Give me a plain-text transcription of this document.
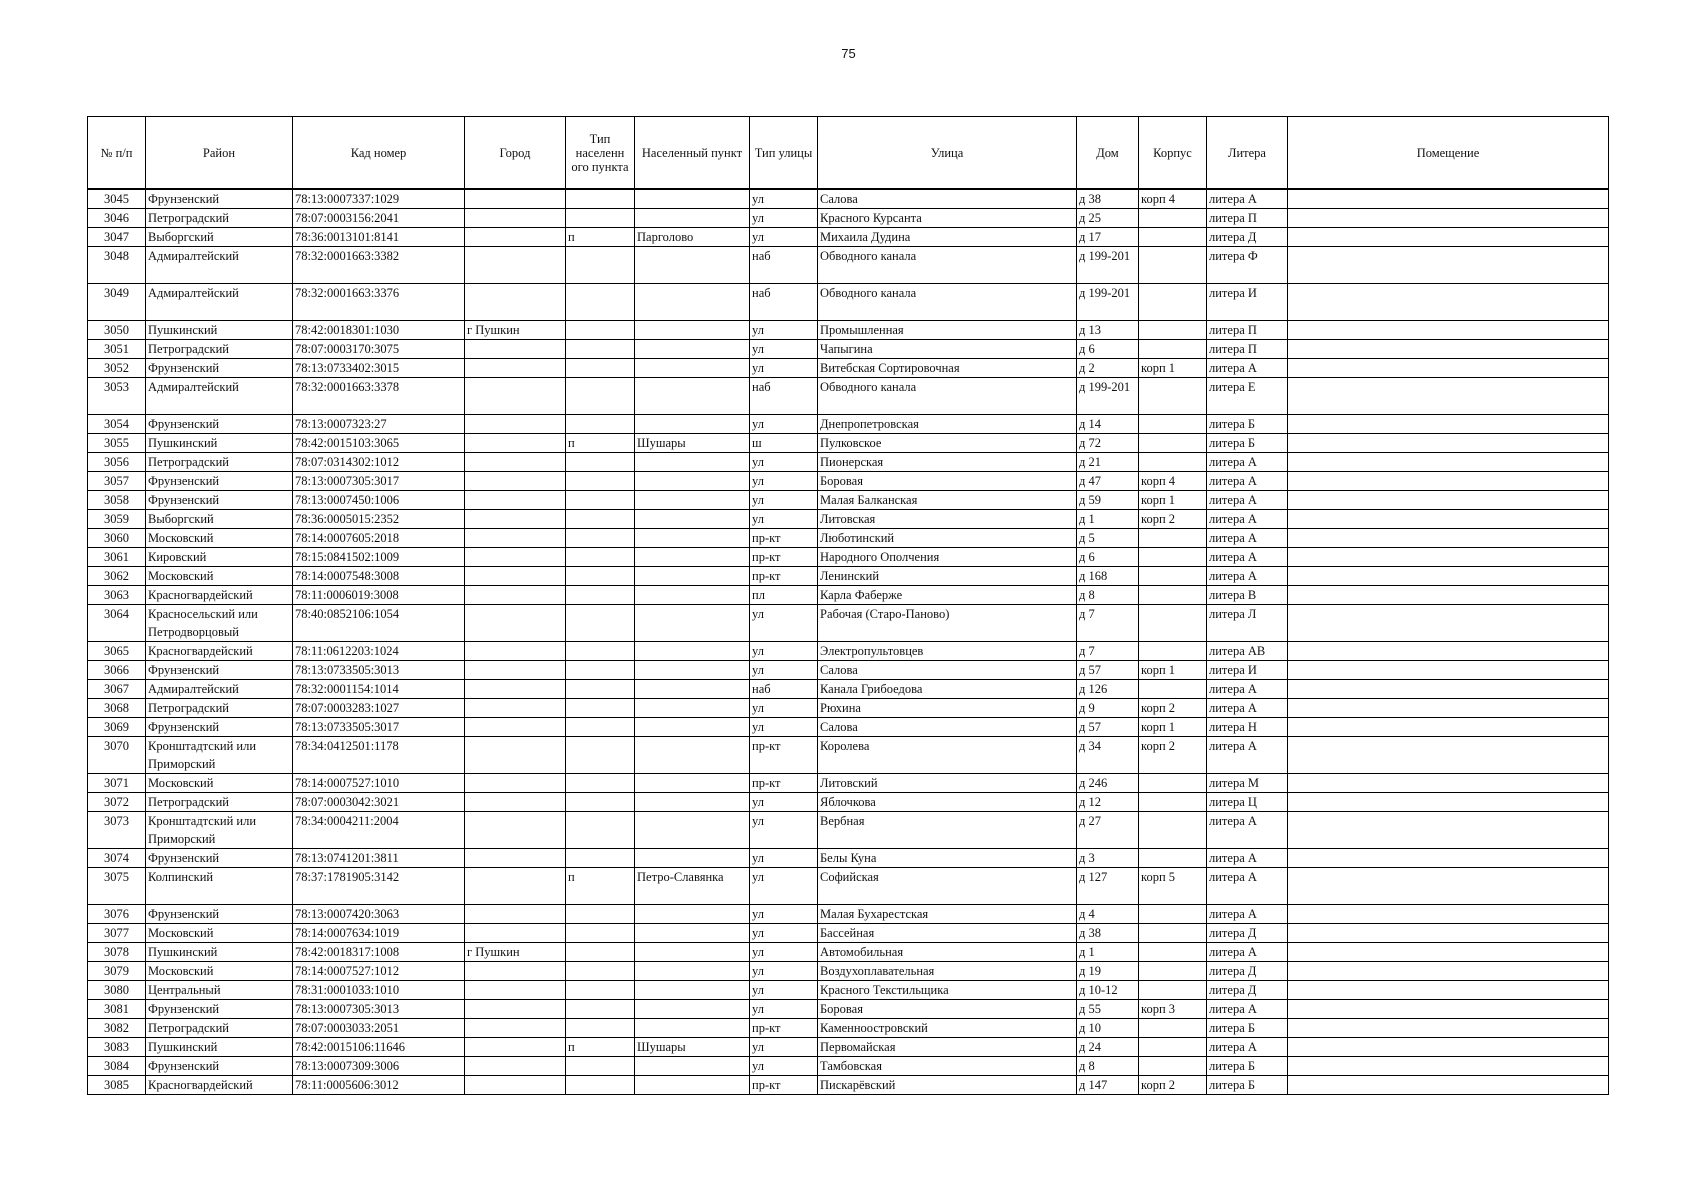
75
№ п/п	Район	Кад номер	Город	Тип населенн ого пункта	Населенный пункт	Тип улицы	Улица	Дом	Корпус	Литера	Помещение
3045	Фрунзенский	78:13:0007337:1029				ул	Салова	д 38	корп 4	литера А	
3046	Петроградский	78:07:0003156:2041				ул	Красного Курсанта	д 25		литера П	
3047	Выборгский	78:36:0013101:8141		п	Парголово	ул	Михаила Дудина	д 17		литера Д	
3048	Адмиралтейский	78:32:0001663:3382				наб	Обводного канала	д 199-201		литера Ф	
3049	Адмиралтейский	78:32:0001663:3376				наб	Обводного канала	д 199-201		литера И	
3050	Пушкинский	78:42:0018301:1030	г Пушкин			ул	Промышленная	д 13		литера П	
3051	Петроградский	78:07:0003170:3075				ул	Чапыгина	д 6		литера П	
3052	Фрунзенский	78:13:0733402:3015				ул	Витебская Сортировочная	д 2	корп 1	литера А	
3053	Адмиралтейский	78:32:0001663:3378				наб	Обводного канала	д 199-201		литера Е	
3054	Фрунзенский	78:13:0007323:27				ул	Днепропетровская	д 14		литера Б	
3055	Пушкинский	78:42:0015103:3065		п	Шушары	ш	Пулковское	д 72		литера Б	
3056	Петроградский	78:07:0314302:1012				ул	Пионерская	д 21		литера А	
3057	Фрунзенский	78:13:0007305:3017				ул	Боровая	д 47	корп 4	литера А	
3058	Фрунзенский	78:13:0007450:1006				ул	Малая Балканская	д 59	корп 1	литера А	
3059	Выборгский	78:36:0005015:2352				ул	Литовская	д 1	корп 2	литера А	
3060	Московский	78:14:0007605:2018				пр-кт	Люботинский	д 5		литера А	
3061	Кировский	78:15:0841502:1009				пр-кт	Народного Ополчения	д 6		литера А	
3062	Московский	78:14:0007548:3008				пр-кт	Ленинский	д 168		литера А	
3063	Красногвардейский	78:11:0006019:3008				пл	Карла Фаберже	д 8		литера В	
3064	Красносельский или Петродворцовый	78:40:0852106:1054				ул	Рабочая (Старо-Паново)	д 7		литера Л	
3065	Красногвардейский	78:11:0612203:1024				ул	Электропультовцев	д 7		литера АВ	
3066	Фрунзенский	78:13:0733505:3013				ул	Салова	д 57	корп 1	литера И	
3067	Адмиралтейский	78:32:0001154:1014				наб	Канала Грибоедова	д 126		литера А	
3068	Петроградский	78:07:0003283:1027				ул	Рюхина	д 9	корп 2	литера А	
3069	Фрунзенский	78:13:0733505:3017				ул	Салова	д 57	корп 1	литера Н	
3070	Кронштадтский или Приморский	78:34:0412501:1178				пр-кт	Королева	д 34	корп 2	литера А	
3071	Московский	78:14:0007527:1010				пр-кт	Литовский	д 246		литера М	
3072	Петроградский	78:07:0003042:3021				ул	Яблочкова	д 12		литера Ц	
3073	Кронштадтский или Приморский	78:34:0004211:2004				ул	Вербная	д 27		литера А	
3074	Фрунзенский	78:13:0741201:3811				ул	Белы Куна	д 3		литера А	
3075	Колпинский	78:37:1781905:3142		п	Петро-Славянка	ул	Софийская	д 127	корп 5	литера А	
3076	Фрунзенский	78:13:0007420:3063				ул	Малая Бухарестская	д 4		литера А	
3077	Московский	78:14:0007634:1019				ул	Бассейная	д 38		литера Д	
3078	Пушкинский	78:42:0018317:1008	г Пушкин			ул	Автомобильная	д 1		литера А	
3079	Московский	78:14:0007527:1012				ул	Воздухоплавательная	д 19		литера Д	
3080	Центральный	78:31:0001033:1010				ул	Красного Текстильщика	д 10-12		литера Д	
3081	Фрунзенский	78:13:0007305:3013				ул	Боровая	д 55	корп 3	литера А	
3082	Петроградский	78:07:0003033:2051				пр-кт	Каменноостровский	д 10		литера Б	
3083	Пушкинский	78:42:0015106:11646		п	Шушары	ул	Первомайская	д 24		литера А	
3084	Фрунзенский	78:13:0007309:3006				ул	Тамбовская	д 8		литера Б	
3085	Красногвардейский	78:11:0005606:3012				пр-кт	Пискарёвский	д 147	корп 2	литера Б	
